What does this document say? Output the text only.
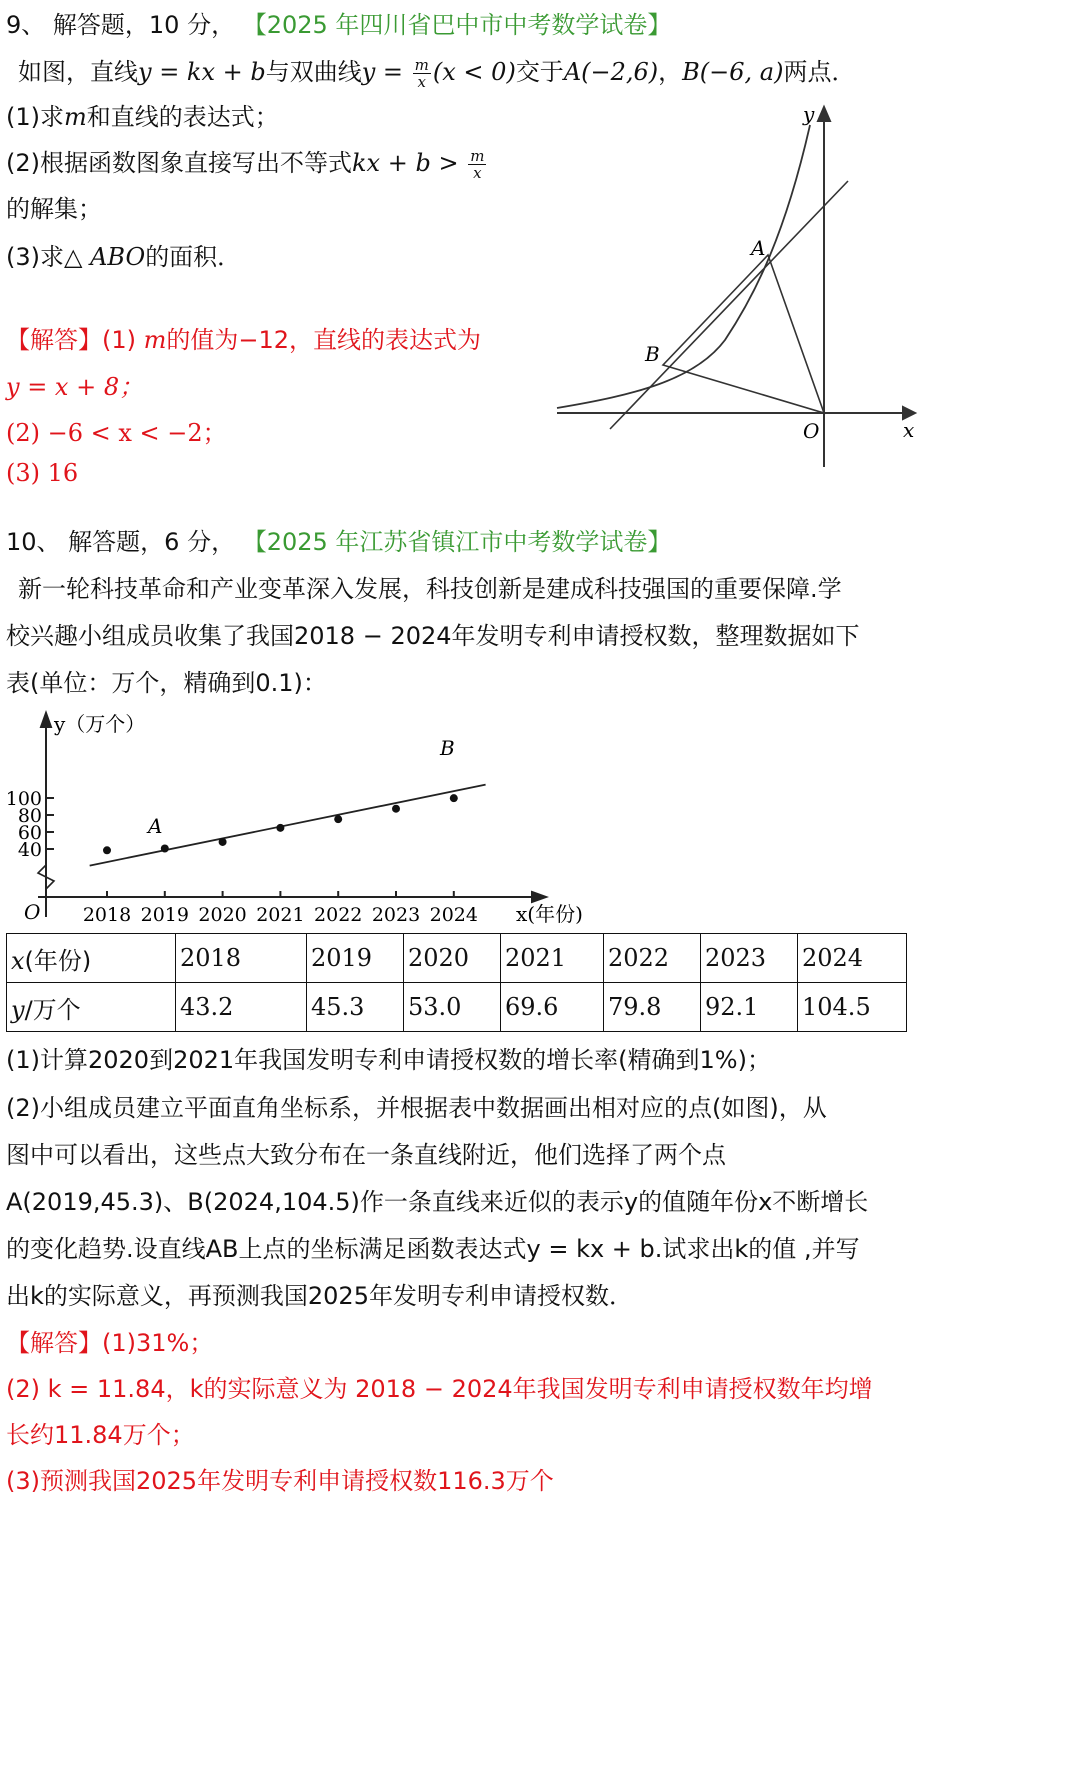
9、 解答题，10 分， 【2025 年四川省巴中市中考数学试卷】
如图，直线y = kx + b与双曲线$y = \frac{m}{x} (x < 0)$交于A(−2,6)，B(−6, a)两点．
(1)求m和直线的表达式；
(2)根据函数图象直接写出不等式kx + $b > \frac{m}{x}$
的解集；
(3)求△ ABO的面积．
【解答】(1) m的值为−12，直线的表达式为
y = x + 8；
(2) −6 < x < −2；
(3) 16
y
x
O
A
B
10、 解答题，6 分， 【2025 年江苏省镇江市中考数学试卷】
新一轮科技革命和产业变革深入发展，科技创新是建成科技强国的重要保障.学
校兴趣小组成员收集了我国2018 − 2024年发明专利申请授权数，整理数据如下
表(单位：万个，精确到0.1)：
40
60
80
100
2018 2019 2020 2021 2022 2023 2024
y（万个）
x(年份)
O
A
B
x(年份)	2018	2019	2020	2021	2022	2023	2024
y/万个	43.2	45.3	53.0	69.6	79.8	92.1	104.5
(1)计算2020到2021年我国发明专利申请授权数的增长率(精确到1%)；
(2)小组成员建立平面直角坐标系，并根据表中数据画出相对应的点(如图)，从
图中可以看出，这些点大致分布在一条直线附近，他们选择了两个点
A(2019,45.3)、B(2024,104.5)作一条直线来近似的表示y的值随年份x不断增长
的变化趋势.设直线AB上点的坐标满足函数表达式y = kx + b.试求出k的值 ,并写
出k的实际意义，再预测我国2025年发明专利申请授权数．
【解答】(1)31%；
(2) k = 11.84，k的实际意义为 2018 − 2024年我国发明专利申请授权数年均增
长约11.84万个；
(3)预测我国2025年发明专利申请授权数116.3万个
